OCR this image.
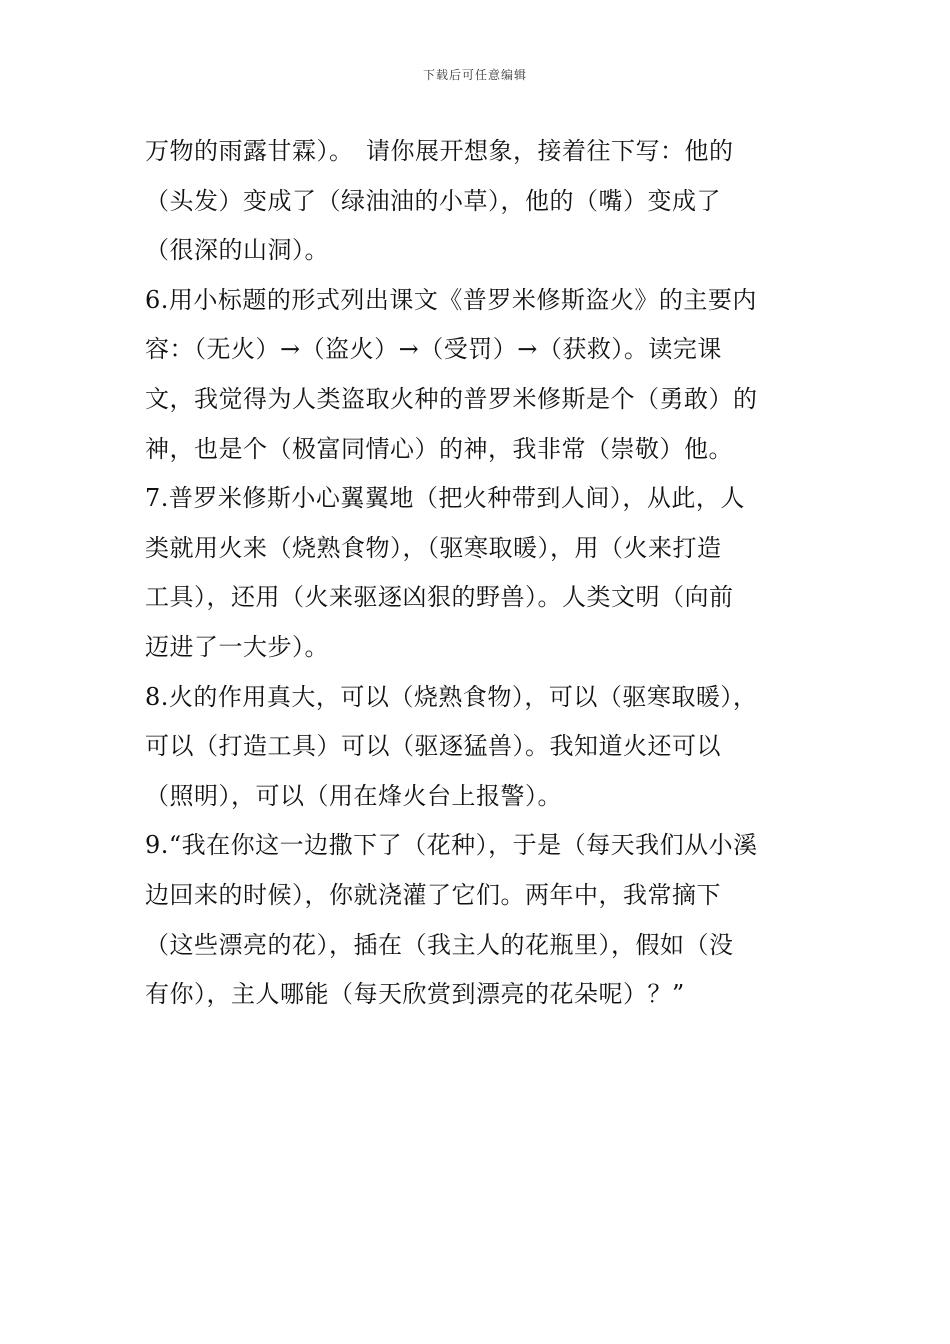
下载后可任意编辑
万物的雨露甘霖）。　请你展开想象，接着往下写：他的
（头发）变成了（绿油油的小草），他的（嘴）变成了
（很深的山洞）。
6.用小标题的形式列出课文《普罗米修斯盗火》的主要内
容：（无火）→（盗火）→（受罚）→（获救）。读完课
文，我觉得为人类盗取火种的普罗米修斯是个（勇敢）的
神，也是个（极富同情心）的神，我非常（崇敬）他。
7.普罗米修斯小心翼翼地（把火种带到人间），从此，人
类就用火来（烧熟食物），（驱寒取暖），用（火来打造
工具），还用（火来驱逐凶狠的野兽）。人类文明（向前
迈进了一大步）。
8.火的作用真大，可以（烧熟食物），可以（驱寒取暖），
可以（打造工具）可以（驱逐猛兽）。我知道火还可以
（照明），可以（用在烽火台上报警）。
9.“我在你这一边撒下了（花种），于是（每天我们从小溪
边回来的时候），你就浇灌了它们。两年中，我常摘下
（这些漂亮的花），插在（我主人的花瓶里），假如（没
有你），主人哪能（每天欣赏到漂亮的花朵呢）？”
